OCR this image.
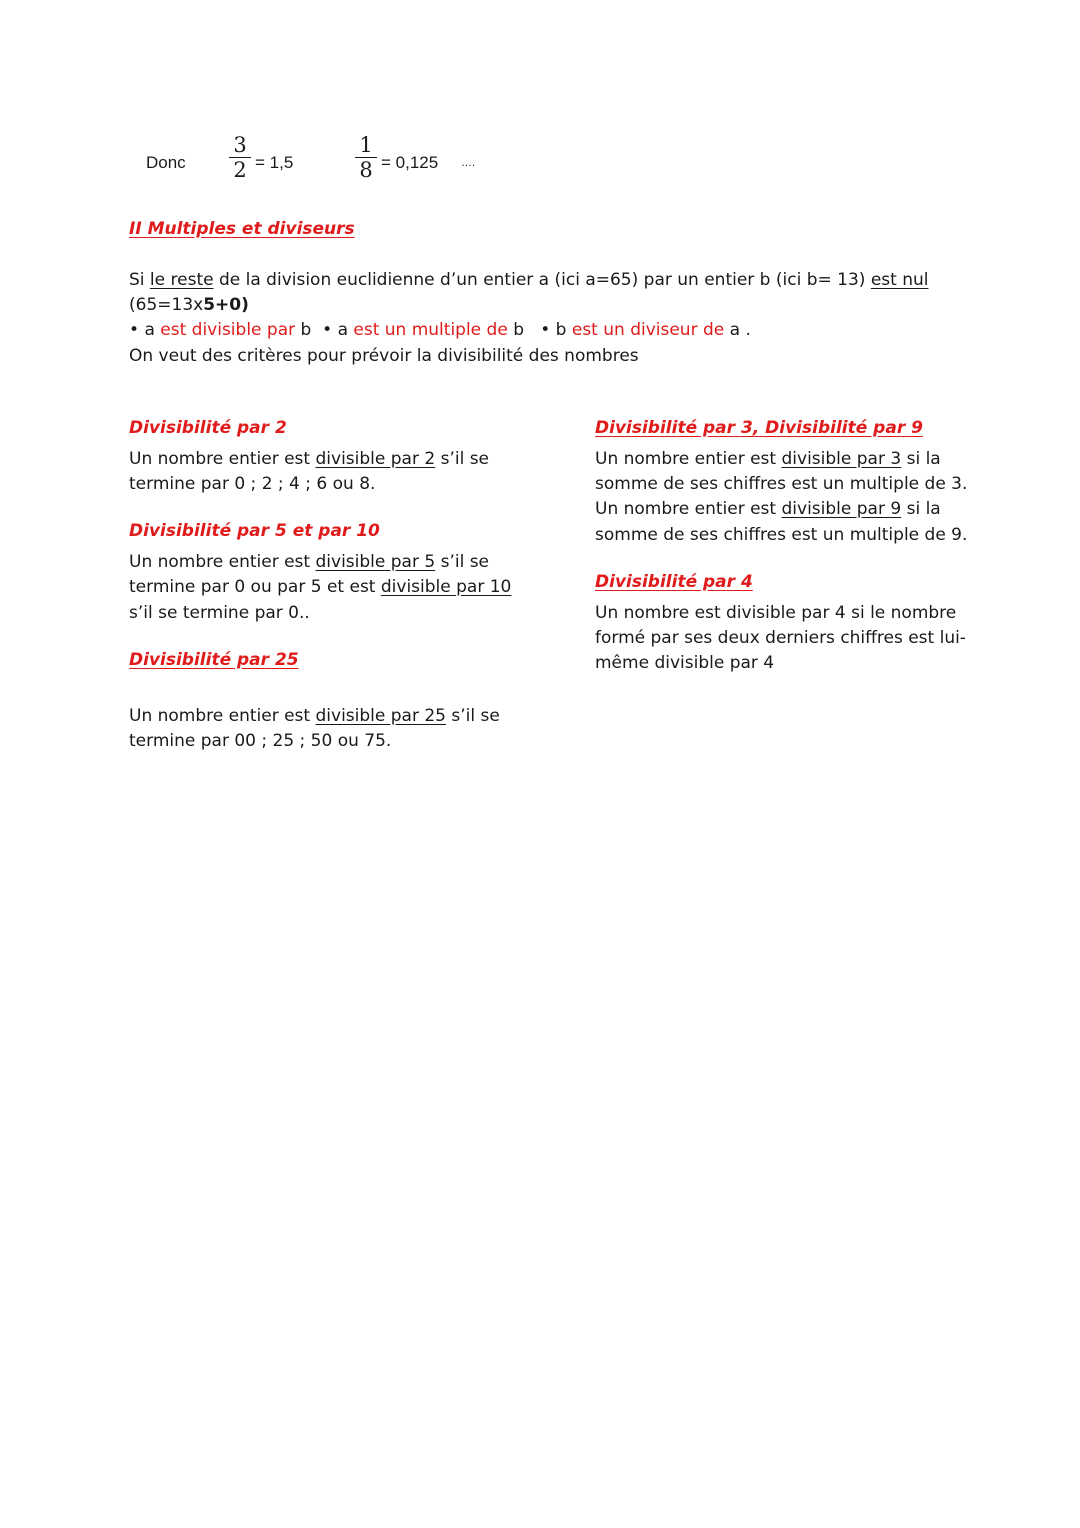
Donc
3
2 = 1,5
1
8 = 0,125 ….
II Multiples et diviseurs
Si le reste de la division euclidienne d’un entier a (ici a=65) par un entier b (ici b= 13) est nul
(65=13x5+0)
• a est divisible par b • a est un multiple de b • b est un diviseur de a .
On veut des critères pour prévoir la divisibilité des nombres
Divisibilité par 2
Un nombre entier est divisible par 2 s’il se
termine par 0 ; 2 ; 4 ; 6 ou 8.
Divisibilité par 5 et par 10
Un nombre entier est divisible par 5 s’il se
termine par 0 ou par 5 et est divisible par 10
s’il se termine par 0..
Divisibilité par 25
Un nombre entier est divisible par 25 s’il se
termine par 00 ; 25 ; 50 ou 75.
Divisibilité par 3, Divisibilité par 9
Un nombre entier est divisible par 3 si la
somme de ses chiffres est un multiple de 3.
Un nombre entier est divisible par 9 si la
somme de ses chiffres est un multiple de 9.
Divisibilité par 4
Un nombre est divisible par 4 si le nombre
formé par ses deux derniers chiffres est lui-
même divisible par 4
